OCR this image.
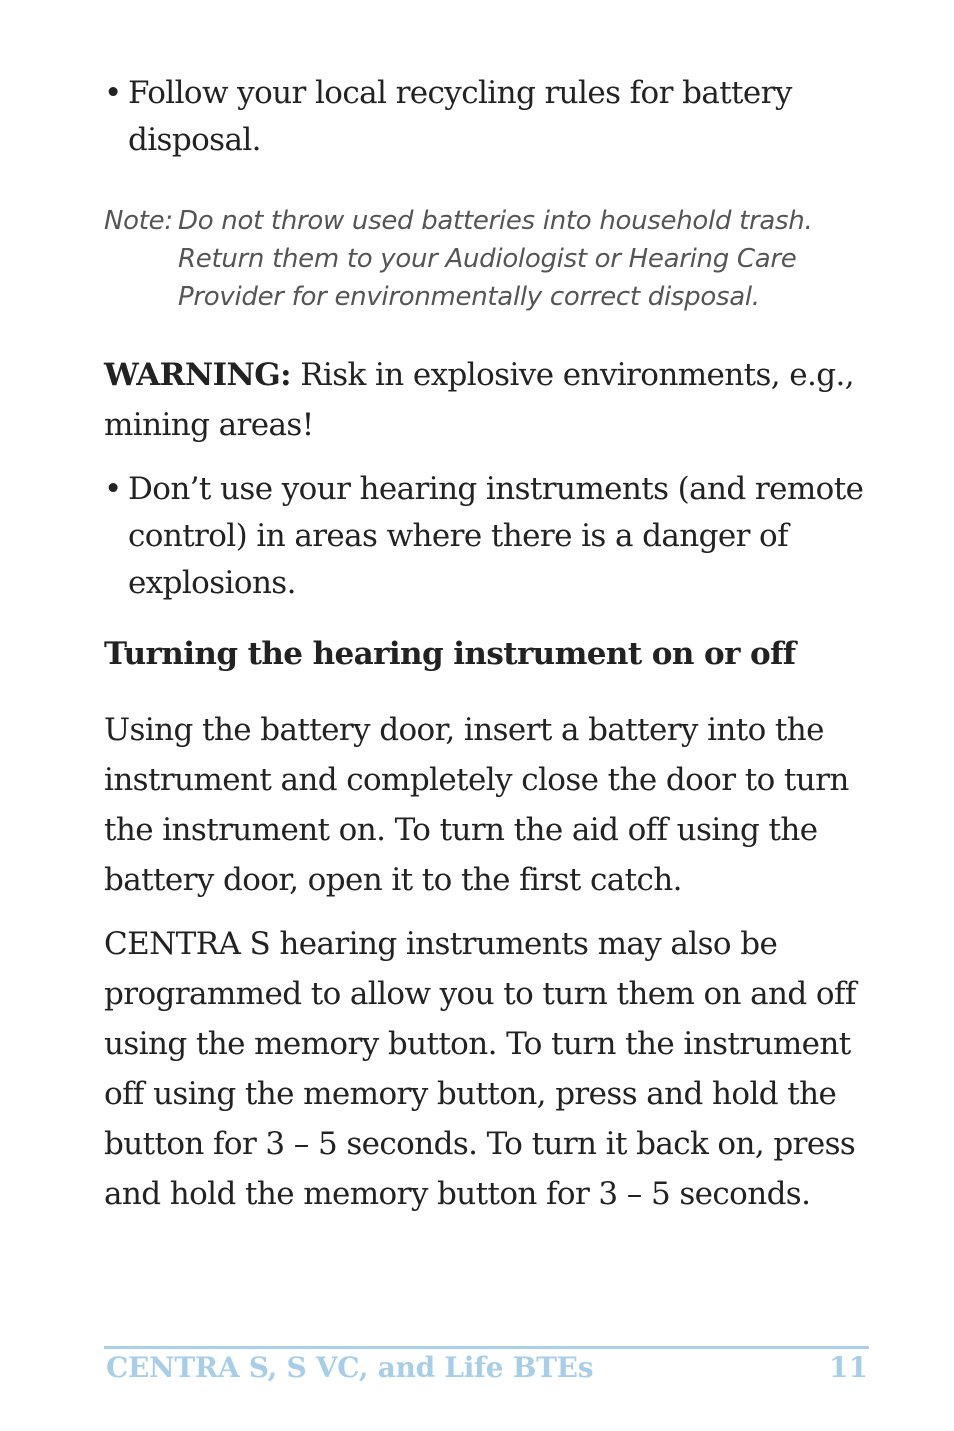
• Follow your local recycling rules for battery disposal.

Note: Do not throw used batteries into household trash. Return them to your Audiologist or Hearing Care Provider for environmentally correct disposal.

WARNING: Risk in explosive environments, e.g., mining areas!

• Don’t use your hearing instruments (and remote control) in areas where there is a danger of explosions.

Turning the hearing instrument on or off

Using the battery door, insert a battery into the instrument and completely close the door to turn the instrument on. To turn the aid off using the battery door, open it to the first catch.

CENTRA S hearing instruments may also be programmed to allow you to turn them on and off using the memory button. To turn the instrument off using the memory button, press and hold the button for 3 – 5 seconds. To turn it back on, press and hold the memory button for 3 – 5 seconds.

CENTRA S, S VC, and Life BTEs	11
